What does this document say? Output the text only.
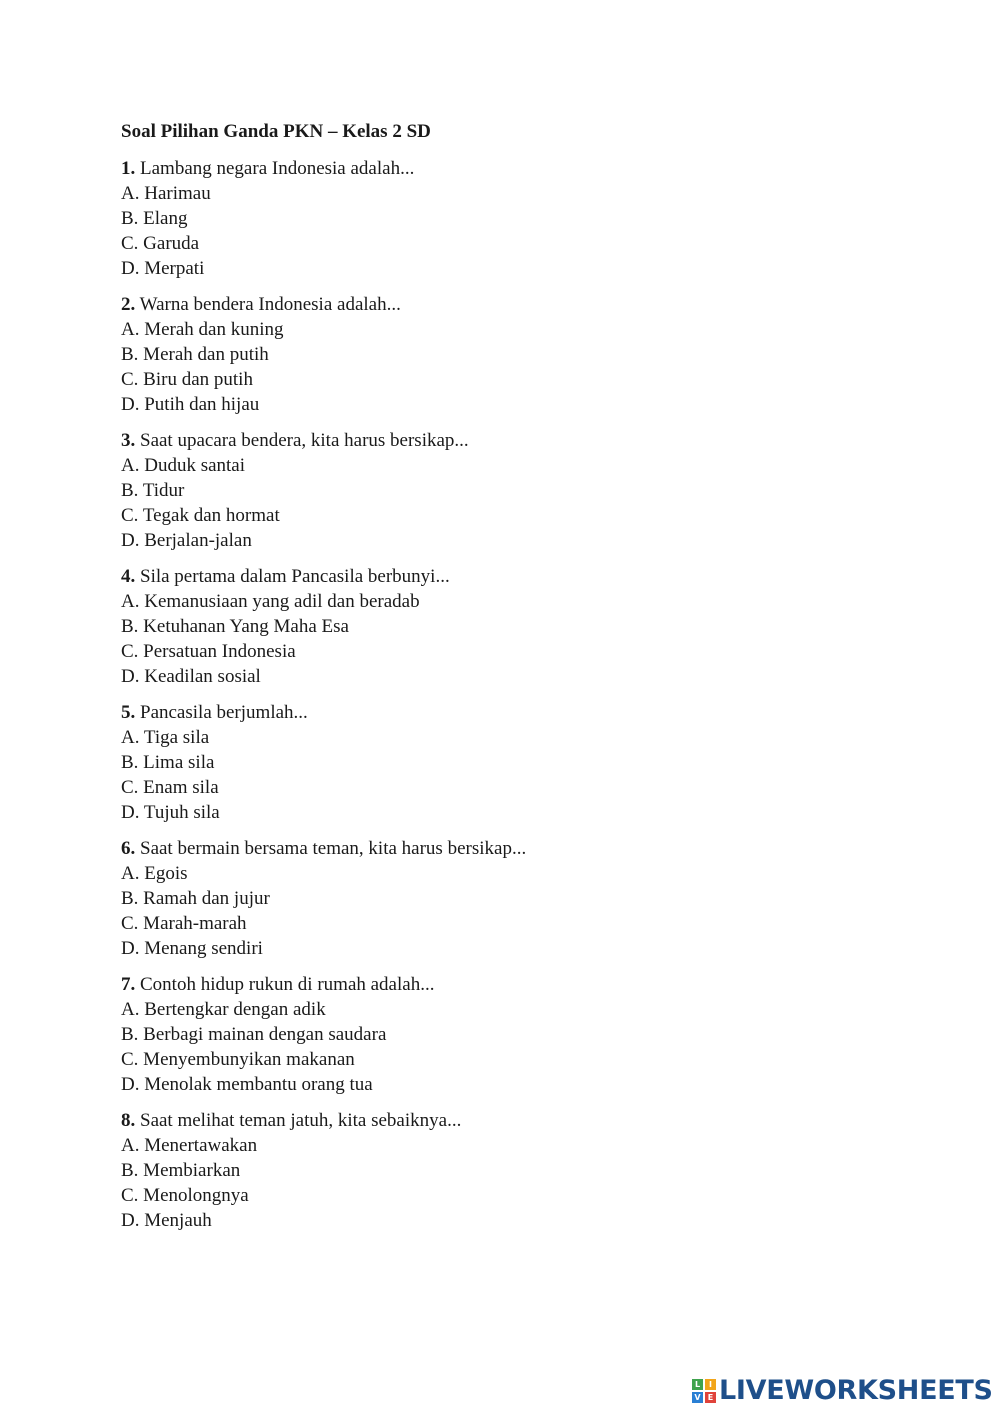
Soal Pilihan Ganda PKN – Kelas 2 SD
1. Lambang negara Indonesia adalah...
A. Harimau
B. Elang
C. Garuda
D. Merpati
2. Warna bendera Indonesia adalah...
A. Merah dan kuning
B. Merah dan putih
C. Biru dan putih
D. Putih dan hijau
3. Saat upacara bendera, kita harus bersikap...
A. Duduk santai
B. Tidur
C. Tegak dan hormat
D. Berjalan-jalan
4. Sila pertama dalam Pancasila berbunyi...
A. Kemanusiaan yang adil dan beradab
B. Ketuhanan Yang Maha Esa
C. Persatuan Indonesia
D. Keadilan sosial
5. Pancasila berjumlah...
A. Tiga sila
B. Lima sila
C. Enam sila
D. Tujuh sila
6. Saat bermain bersama teman, kita harus bersikap...
A. Egois
B. Ramah dan jujur
C. Marah-marah
D. Menang sendiri
7. Contoh hidup rukun di rumah adalah...
A. Bertengkar dengan adik
B. Berbagi mainan dengan saudara
C. Menyembunyikan makanan
D. Menolak membantu orang tua
8. Saat melihat teman jatuh, kita sebaiknya...
A. Menertawakan
B. Membiarkan
C. Menolongnya
D. Menjauh
L	I
V E LIVEWORKSHEETS
